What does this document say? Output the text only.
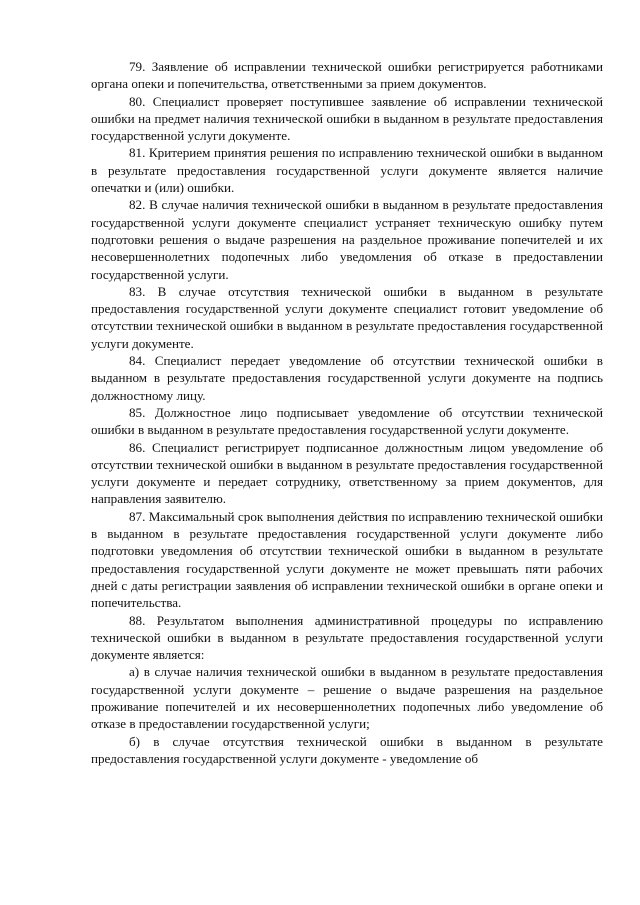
79. Заявление об исправлении технической ошибки регистрируется работниками органа опеки и попечительства, ответственными за прием документов.

80. Специалист проверяет поступившее заявление об исправлении технической ошибки на предмет наличия технической ошибки в выданном в результате предоставления государственной услуги документе.

81. Критерием принятия решения по исправлению технической ошибки в выданном в результате предоставления государственной услуги документе является наличие опечатки и (или) ошибки.

82. В случае наличия технической ошибки в выданном в результате предоставления государственной услуги документе специалист устраняет техническую ошибку путем подготовки решения о выдаче разрешения на раздельное проживание попечителей и их несовершеннолетних подопечных либо уведомления об отказе в предоставлении государственной услуги.

83. В случае отсутствия технической ошибки в выданном в результате предоставления государственной услуги документе специалист готовит уведомление об отсутствии технической ошибки в выданном в результате предоставления государственной услуги документе.

84. Специалист передает уведомление об отсутствии технической ошибки в выданном в результате предоставления государственной услуги документе на подпись должностному лицу.

85. Должностное лицо подписывает уведомление об отсутствии технической ошибки в выданном в результате предоставления государственной услуги документе.

86. Специалист регистрирует подписанное должностным лицом уведомление об отсутствии технической ошибки в выданном в результате предоставления государственной услуги документе и передает сотруднику, ответственному за прием документов, для направления заявителю.

87. Максимальный срок выполнения действия по исправлению технической ошибки в выданном в результате предоставления государственной услуги документе либо подготовки уведомления об отсутствии технической ошибки в выданном в результате предоставления государственной услуги документе не может превышать пяти рабочих дней с даты регистрации заявления об исправлении технической ошибки в органе опеки и попечительства.

88. Результатом выполнения административной процедуры по исправлению технической ошибки в выданном в результате предоставления государственной услуги документе является:

а) в случае наличия технической ошибки в выданном в результате предоставления государственной услуги документе – решение о выдаче разрешения на раздельное проживание попечителей и их несовершеннолетних подопечных либо уведомление об отказе в предоставлении государственной услуги;

б) в случае отсутствия технической ошибки в выданном в результате предоставления государственной услуги документе - уведомление об
